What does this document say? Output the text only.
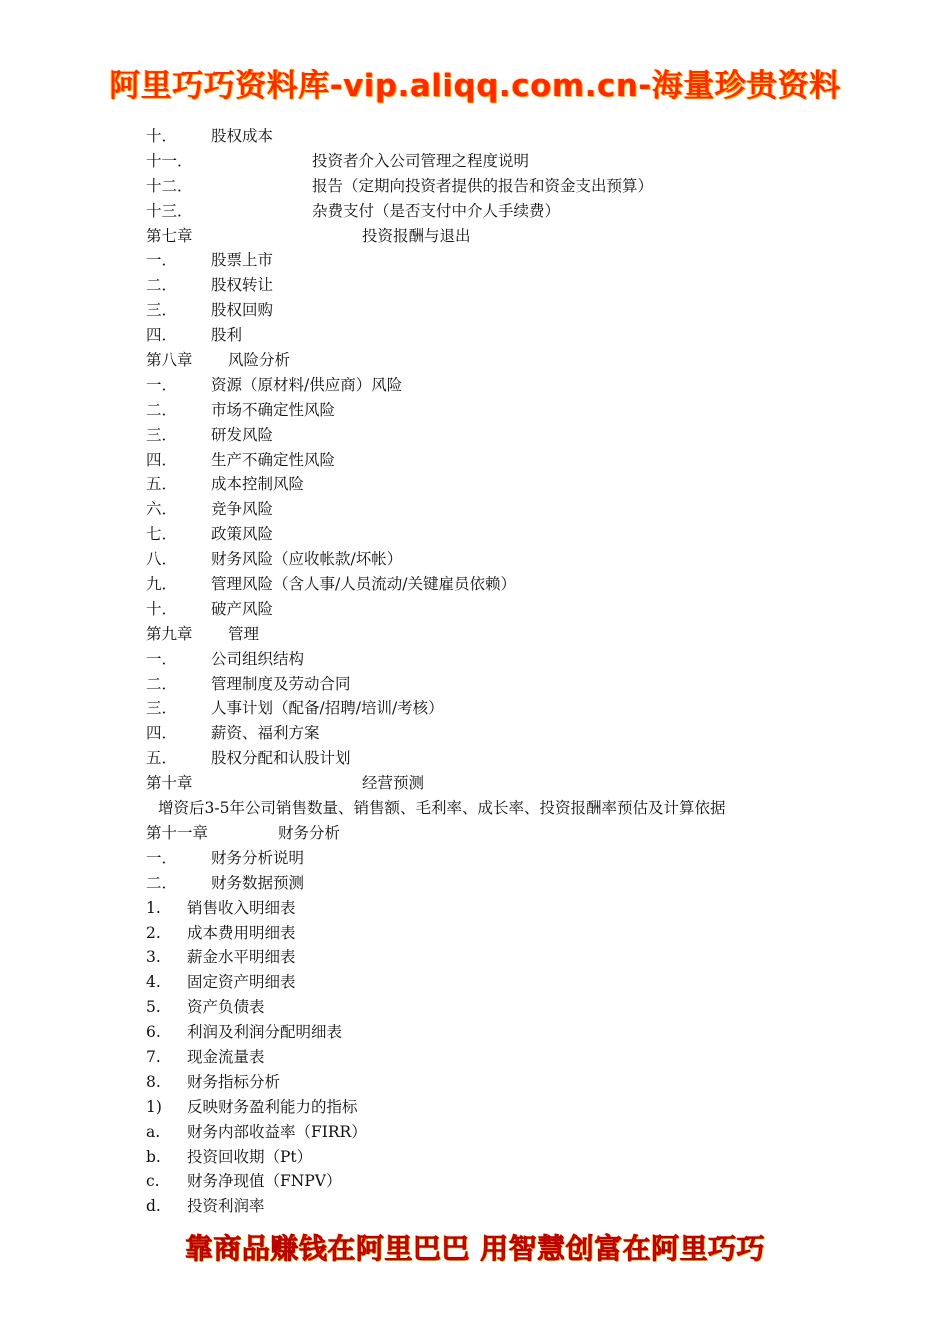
阿里巧巧资料库-vip.aliqq.com.cn-海量珍贵资料
十． 股权成本
十一．	投资者介入公司管理之程度说明
十二．	报告（定期向投资者提供的报告和资金支出预算）
十三．	杂费支付（是否支付中介人手续费）
第七章	投资报酬与退出
一． 股票上市
二． 股权转让
三． 股权回购
四． 股利
第八章 风险分析
一． 资源（原材料/供应商）风险
二． 市场不确定性风险
三． 研发风险
四． 生产不确定性风险
五． 成本控制风险
六． 竞争风险
七． 政策风险
八． 财务风险（应收帐款/坏帐）
九． 管理风险（含人事/人员流动/关键雇员依赖）
十． 破产风险
第九章 管理
一． 公司组织结构
二． 管理制度及劳动合同
三． 人事计划（配备/招聘/培训/考核）
四． 薪资、福利方案
五． 股权分配和认股计划
第十章	经营预测
增资后3-5年公司销售数量、销售额、毛利率、成长率、投资报酬率预估及计算依据
第十一章	财务分析
一． 财务分析说明
二． 财务数据预测
1. 销售收入明细表
2. 成本费用明细表
3. 薪金水平明细表
4. 固定资产明细表
5. 资产负债表
6. 利润及利润分配明细表
7. 现金流量表
8. 财务指标分析
1) 反映财务盈利能力的指标
a. 财务内部收益率（FIRR）
b. 投资回收期（Pt）
c. 财务净现值（FNPV）
d. 投资利润率
靠商品赚钱在阿里巴巴 用智慧创富在阿里巧巧
